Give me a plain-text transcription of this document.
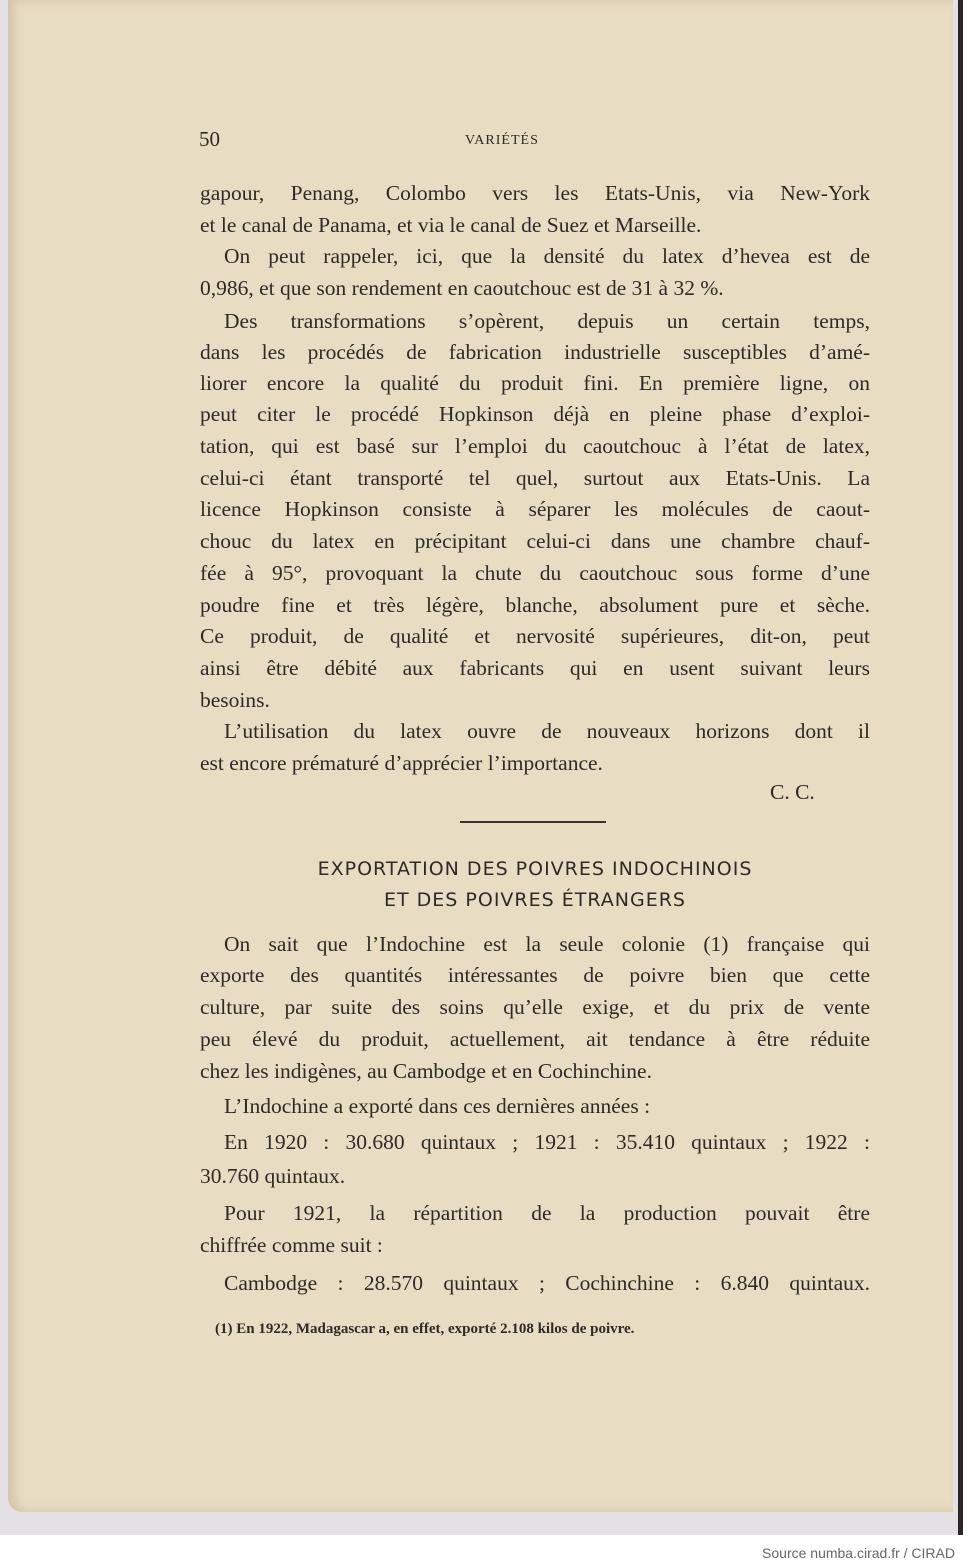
50	VARIÉTÉS
gapour, Penang, Colombo vers les Etats-Unis, via New-York
et le canal de Panama, et via le canal de Suez et Marseille.
On peut rappeler, ici, que la densité du latex d’hevea est de
0,986, et que son rendement en caoutchouc est de 31 à 32 %.
Des transformations s’opèrent, depuis un certain temps,
dans les procédés de fabrication industrielle susceptibles d’amé-
liorer encore la qualité du produit fini. En première ligne, on
peut citer le procédé Hopkinson déjà en pleine phase d’exploi-
tation, qui est basé sur l’emploi du caoutchouc à l’état de latex,
celui-ci étant transporté tel quel, surtout aux Etats-Unis. La
licence Hopkinson consiste à séparer les molécules de caout-
chouc du latex en précipitant celui-ci dans une chambre chauf-
fée à 95°, provoquant la chute du caoutchouc sous forme d’une
poudre fine et très légère, blanche, absolument pure et sèche.
Ce produit, de qualité et nervosité supérieures, dit-on, peut
ainsi être débité aux fabricants qui en usent suivant leurs
besoins.
L’utilisation du latex ouvre de nouveaux horizons dont il
est encore prématuré d’apprécier l’importance.
C. C.
EXPORTATION DES POIVRES INDOCHINOIS
ET DES POIVRES ÉTRANGERS
On sait que l’Indochine est la seule colonie (1) française qui
exporte des quantités intéressantes de poivre bien que cette
culture, par suite des soins qu’elle exige, et du prix de vente
peu élevé du produit, actuellement, ait tendance à être réduite
chez les indigènes, au Cambodge et en Cochinchine.
L’Indochine a exporté dans ces dernières années :
En 1920 : 30.680 quintaux ; 1921 : 35.410 quintaux ; 1922 :
30.760 quintaux.
Pour 1921, la répartition de la production pouvait être
chiffrée comme suit :
Cambodge : 28.570 quintaux ; Cochinchine : 6.840 quintaux.
(1) En 1922, Madagascar a, en effet, exporté 2.108 kilos de poivre.
Source numba.cirad.fr / CIRAD
